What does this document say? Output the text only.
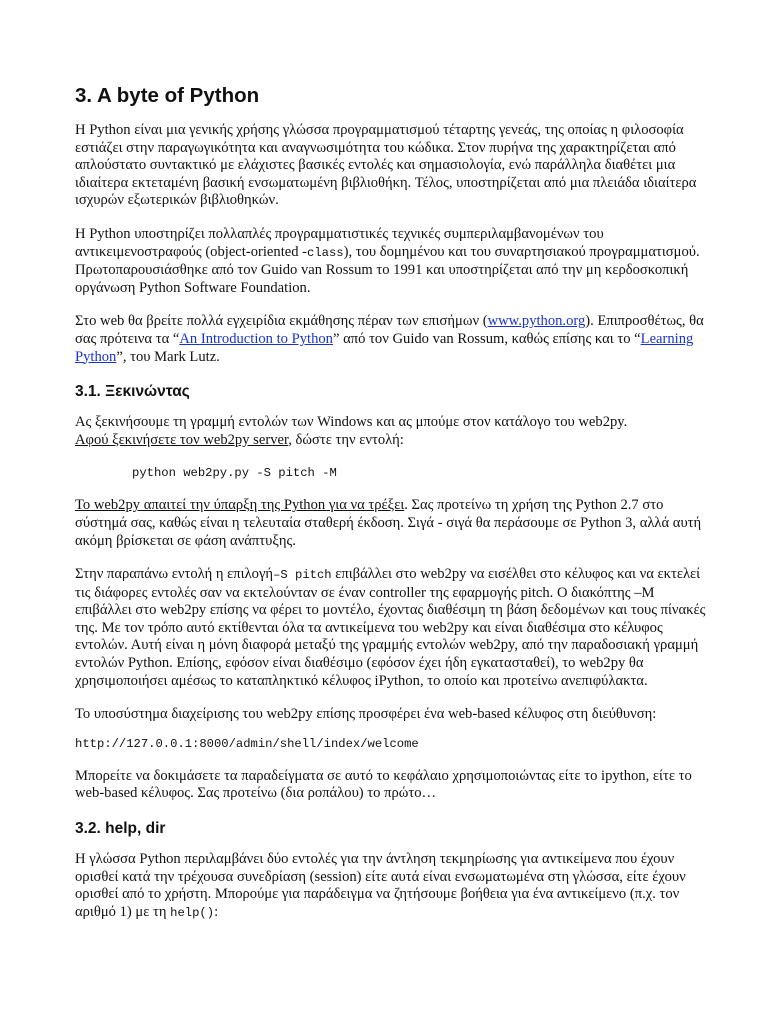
3. A byte of Python

Η Python είναι μια γενικής χρήσης γλώσσα προγραμματισμού τέταρτης γενεάς, της οποίας η φιλοσοφία εστιάζει στην παραγωγικότητα και αναγνωσιμότητα του κώδικα. Στον πυρήνα της χαρακτηρίζεται από απλούστατο συντακτικό με ελάχιστες βασικές εντολές και σημασιολογία, ενώ παράλληλα διαθέτει μια ιδιαίτερα εκτεταμένη βασική ενσωματωμένη βιβλιοθήκη. Τέλος, υποστηρίζεται από μια πλειάδα ιδιαίτερα ισχυρών εξωτερικών βιβλιοθηκών.

Η Python υποστηρίζει πολλαπλές προγραμματιστικές τεχνικές συμπεριλαμβανομένων του αντικειμενοστραφούς (object-oriented -class), του δομημένου και του συναρτησιακού προγραμματισμού. Πρωτοπαρουσιάσθηκε από τον Guido van Rossum το 1991 και υποστηρίζεται από την μη κερδοσκοπική οργάνωση Python Software Foundation.

Στο web θα βρείτε πολλά εγχειρίδια εκμάθησης πέραν των επισήμων (www.python.org). Επιπροσθέτως, θα σας πρότεινα τα “An Introduction to Python” από τον Guido van Rossum, καθώς επίσης και το “Learning Python”, του Mark Lutz.

3.1. Ξεκινώντας

Ας ξεκινήσουμε τη γραμμή εντολών των Windows και ας μπούμε στον κατάλογο του web2py.
Αφού ξεκινήσετε τον web2py server, δώστε την εντολή:

python web2py.py -S pitch -M

Το web2py απαιτεί την ύπαρξη της Python για να τρέξει. Σας προτείνω τη χρήση της Python 2.7 στο σύστημά σας, καθώς είναι η τελευταία σταθερή έκδοση. Σιγά - σιγά θα περάσουμε σε Python 3, αλλά αυτή ακόμη βρίσκεται σε φάση ανάπτυξης.

Στην παραπάνω εντολή η επιλογή–S pitch επιβάλλει στο web2py να εισέλθει στο κέλυφος και να εκτελεί τις διάφορες εντολές σαν να εκτελούνταν σε έναν controller της εφαρμογής pitch. Ο διακόπτης –M επιβάλλει στο web2py επίσης να φέρει το μοντέλο, έχοντας διαθέσιμη τη βάση δεδομένων και τους πίνακές της. Με τον τρόπο αυτό εκτίθενται όλα τα αντικείμενα του web2py και είναι διαθέσιμα στο κέλυφος εντολών. Αυτή είναι η μόνη διαφορά μεταξύ της γραμμής εντολών web2py, από την παραδοσιακή γραμμή εντολών Python. Επίσης, εφόσον είναι διαθέσιμο (εφόσον έχει ήδη εγκατασταθεί), το web2py θα χρησιμοποιήσει αμέσως το καταπληκτικό κέλυφος iPython, το οποίο και προτείνω ανεπιφύλακτα.

Το υποσύστημα διαχείρισης του web2py επίσης προσφέρει ένα web-based κέλυφος στη διεύθυνση:

http://127.0.0.1:8000/admin/shell/index/welcome

Μπορείτε να δοκιμάσετε τα παραδείγματα σε αυτό το κεφάλαιο χρησιμοποιώντας είτε το ipython, είτε το web-based κέλυφος. Σας προτείνω (δια ροπάλου) το πρώτο…

3.2. help, dir

Η γλώσσα Python περιλαμβάνει δύο εντολές για την άντληση τεκμηρίωσης για αντικείμενα που έχουν ορισθεί κατά την τρέχουσα συνεδρίαση (session) είτε αυτά είναι ενσωματωμένα στη γλώσσα, είτε έχουν ορισθεί από το χρήστη. Μπορούμε για παράδειγμα να ζητήσουμε βοήθεια για ένα αντικείμενο (π.χ. τον αριθμό 1) με τη help():
